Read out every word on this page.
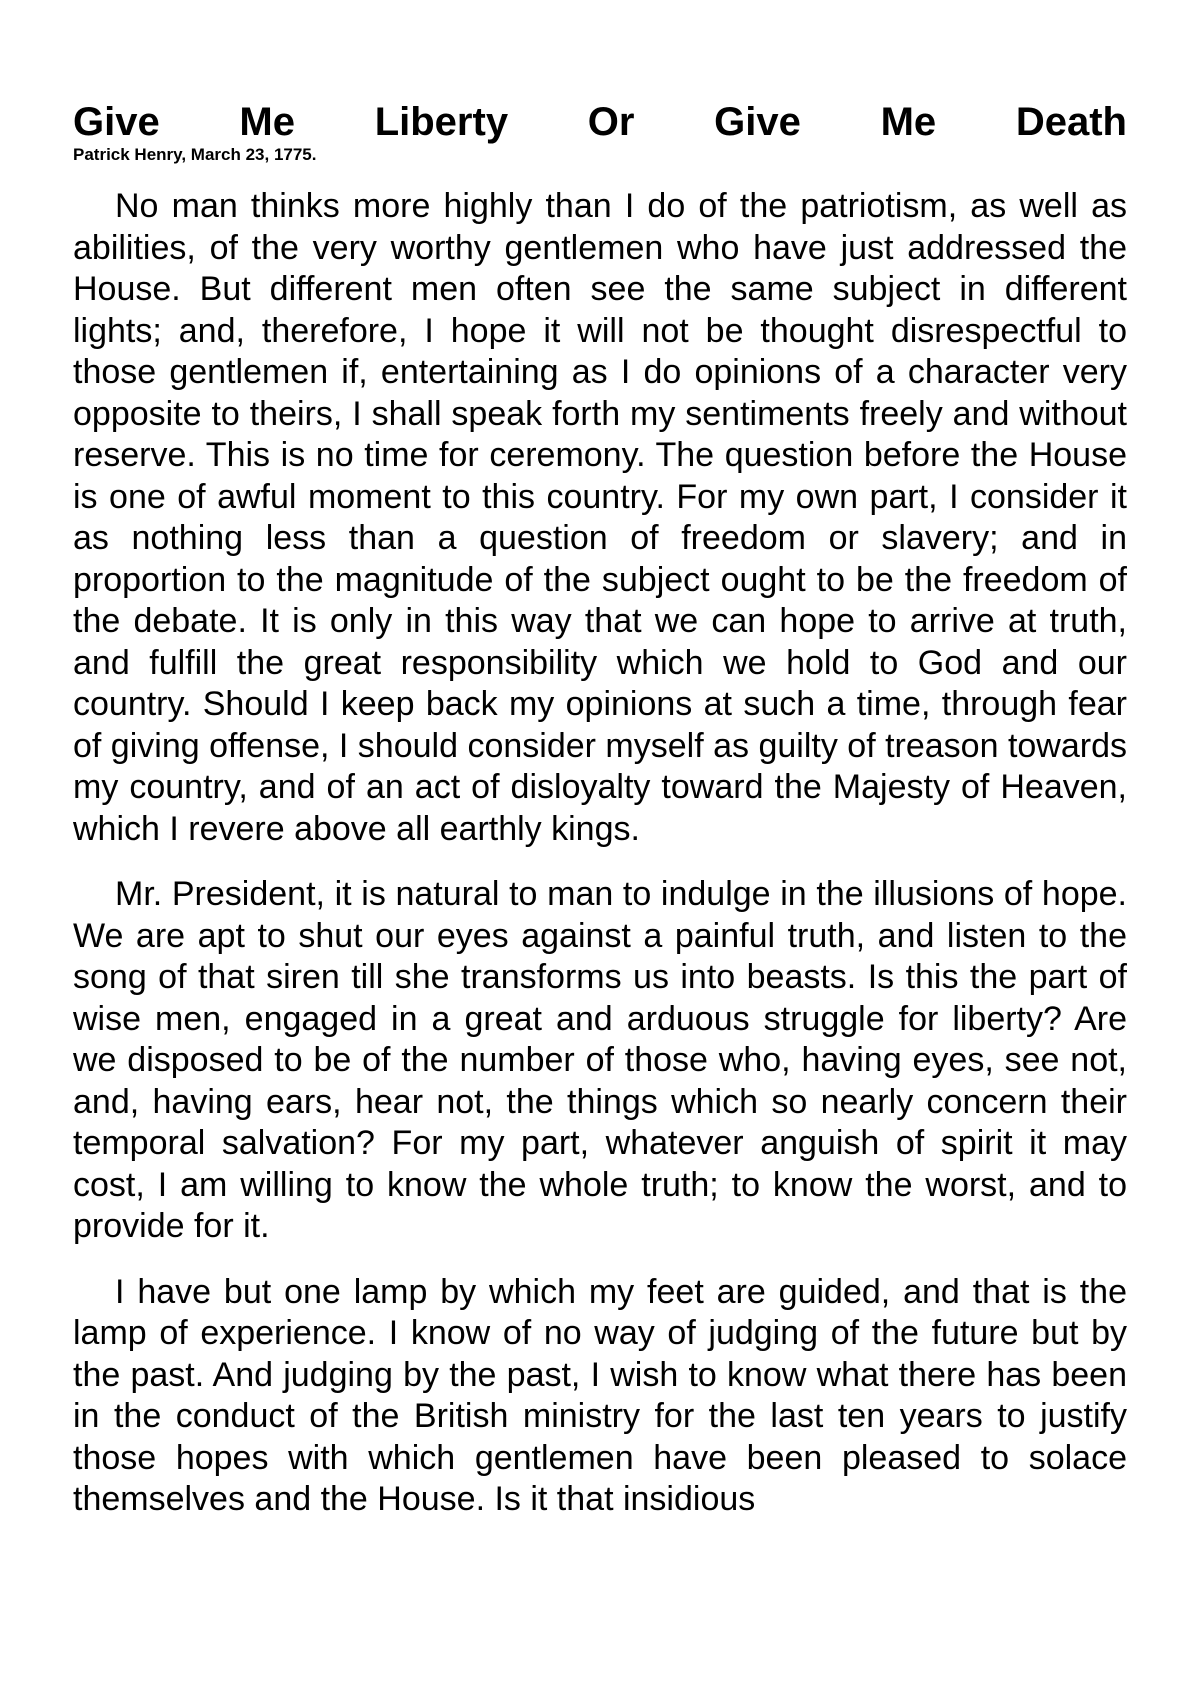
Give Me Liberty Or Give Me Death

Patrick Henry, March 23, 1775.

No man thinks more highly than I do of the patriotism, as well as abilities, of the very worthy gentlemen who have just addressed the House. But different men often see the same subject in different lights; and, therefore, I hope it will not be thought disrespectful to those gentlemen if, entertaining as I do opinions of a character very opposite to theirs, I shall speak forth my sentiments freely and without reserve. This is no time for ceremony. The question before the House is one of awful moment to this country. For my own part, I consider it as nothing less than a question of freedom or slavery; and in proportion to the magnitude of the subject ought to be the freedom of the debate. It is only in this way that we can hope to arrive at truth, and fulfill the great responsibility which we hold to God and our country. Should I keep back my opinions at such a time, through fear of giving offense, I should consider myself as guilty of treason towards my country, and of an act of disloyalty toward the Majesty of Heaven, which I revere above all earthly kings.

Mr. President, it is natural to man to indulge in the illusions of hope. We are apt to shut our eyes against a painful truth, and listen to the song of that siren till she transforms us into beasts. Is this the part of wise men, engaged in a great and arduous struggle for liberty? Are we disposed to be of the number of those who, having eyes, see not, and, having ears, hear not, the things which so nearly concern their temporal salvation? For my part, whatever anguish of spirit it may cost, I am willing to know the whole truth; to know the worst, and to provide for it.

I have but one lamp by which my feet are guided, and that is the lamp of experience. I know of no way of judging of the future but by the past. And judging by the past, I wish to know what there has been in the conduct of the British ministry for the last ten years to justify those hopes with which gentlemen have been pleased to solace themselves and the House. Is it that insidious
